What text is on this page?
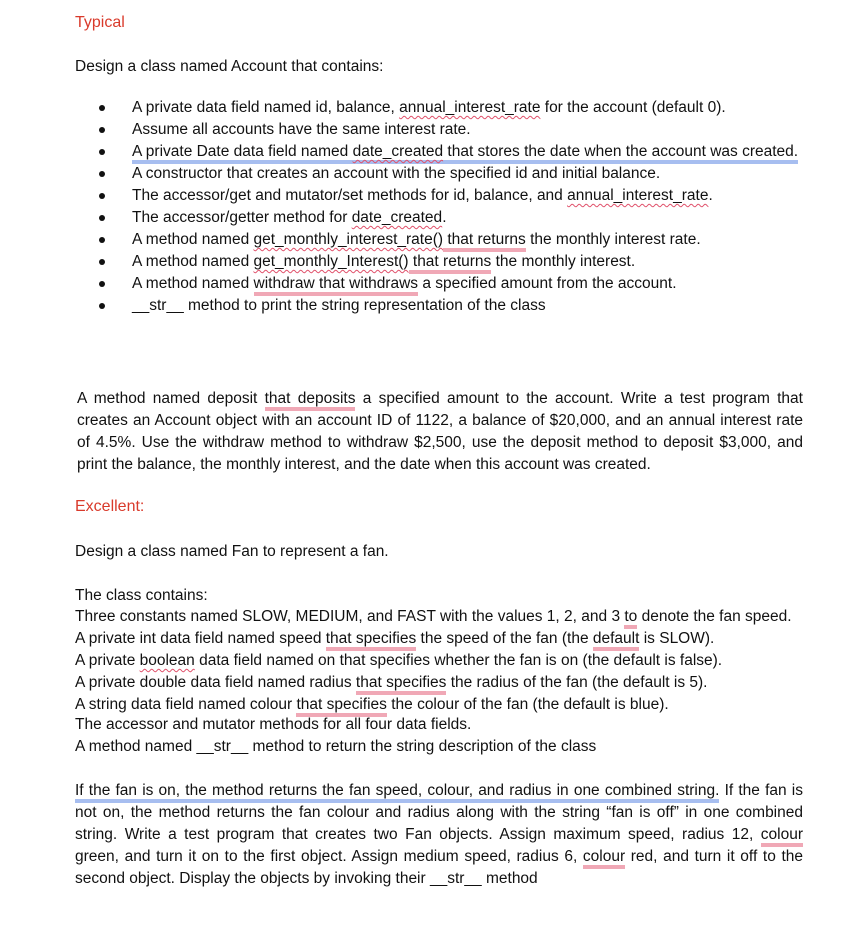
Typical
Design a class named Account that contains:
A private data field named id, balance, annual_interest_rate for the account (default 0).
Assume all accounts have the same interest rate.
A private Date data field named date_created that stores the date when the account was created.
A constructor that creates an account with the specified id and initial balance.
The accessor/get and mutator/set methods for id, balance, and annual_interest_rate.
The accessor/getter method for date_created.
A method named get_monthly_interest_rate() that returns the monthly interest rate.
A method named get_monthly_Interest() that returns the monthly interest.
A method named withdraw that withdraws a specified amount from the account.
__str__ method to print the string representation of the class
A method named deposit that deposits a specified amount to the account. Write a test program that creates an Account object with an account ID of 1122, a balance of $20,000, and an annual interest rate of 4.5%. Use the withdraw method to withdraw $2,500, use the deposit method to deposit $3,000, and print the balance, the monthly interest, and the date when this account was created.
Excellent:
Design a class named Fan to represent a fan.
The class contains:
Three constants named SLOW, MEDIUM, and FAST with the values 1, 2, and 3 to denote the fan speed.
A private int data field named speed that specifies the speed of the fan (the default is SLOW).
A private boolean data field named on that specifies whether the fan is on (the default is false).
A private double data field named radius that specifies the radius of the fan (the default is 5).
A string data field named colour that specifies the colour of the fan (the default is blue).
The accessor and mutator methods for all four data fields.
A method named __str__ method to return the string description of the class
If the fan is on, the method returns the fan speed, colour, and radius in one combined string. If the fan is not on, the method returns the fan colour and radius along with the string “fan is off” in one combined string. Write a test program that creates two Fan objects. Assign maximum speed, radius 12, colour green, and turn it on to the first object. Assign medium speed, radius 6, colour red, and turn it off to the second object. Display the objects by invoking their __str__ method
